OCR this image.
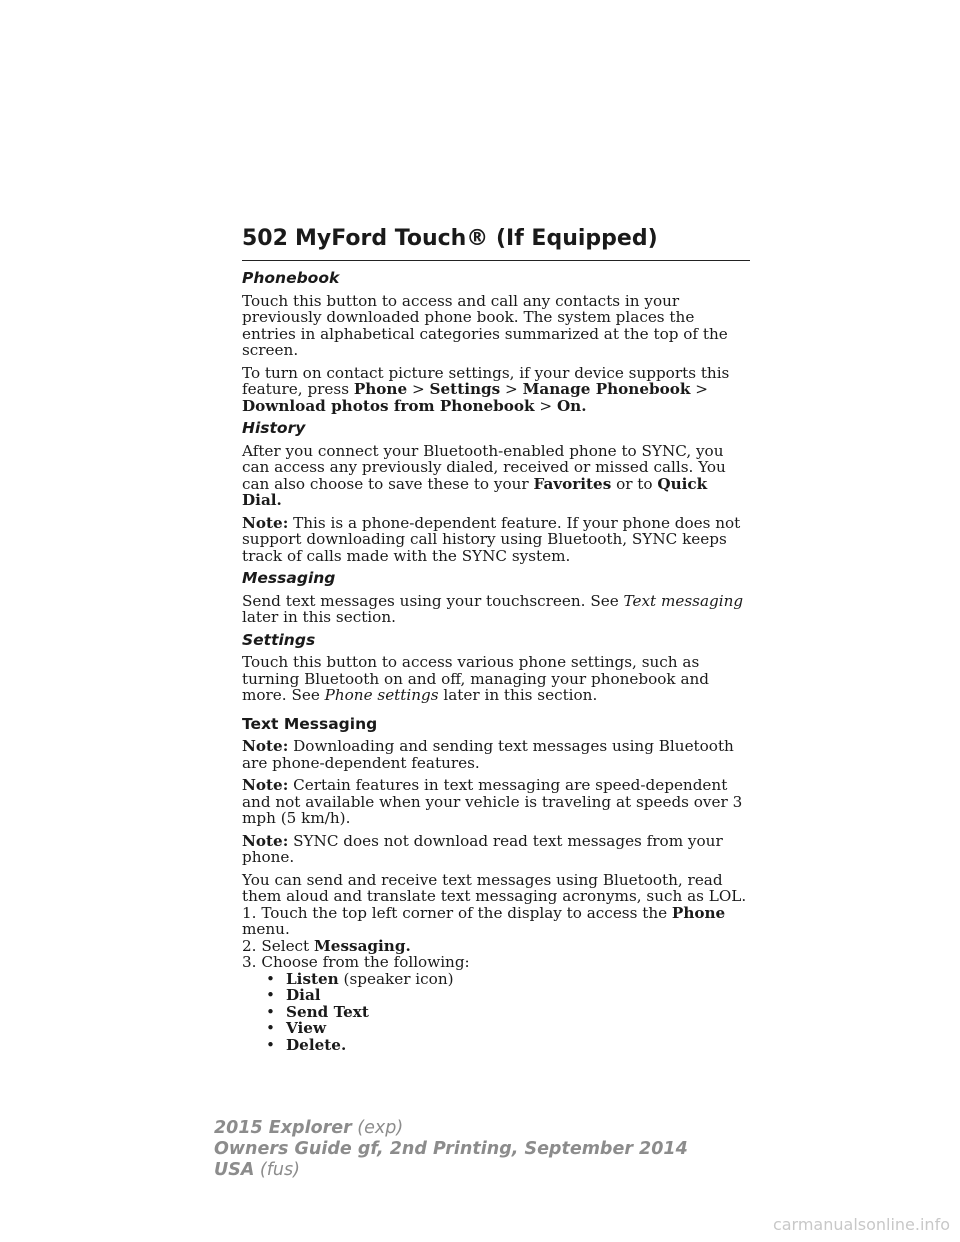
502 MyFord Touch® (If Equipped)
Phonebook

Touch this button to access and call any contacts in your previously downloaded phone book. The system places the entries in alphabetical categories summarized at the top of the screen.

To turn on contact picture settings, if your device supports this feature, press Phone > Settings > Manage Phonebook > Download photos from Phonebook > On.

History

After you connect your Bluetooth-enabled phone to SYNC, you can access any previously dialed, received or missed calls. You can also choose to save these to your Favorites or to Quick Dial.

Note: This is a phone-dependent feature. If your phone does not support downloading call history using Bluetooth, SYNC keeps track of calls made with the SYNC system.

Messaging

Send text messages using your touchscreen. See Text messaging later in this section.

Settings

Touch this button to access various phone settings, such as turning Bluetooth on and off, managing your phonebook and more. See Phone settings later in this section.

Text Messaging

Note: Downloading and sending text messages using Bluetooth are phone-dependent features.

Note: Certain features in text messaging are speed-dependent and not available when your vehicle is traveling at speeds over 3 mph (5 km/h).

Note: SYNC does not download read text messages from your phone.

You can send and receive text messages using Bluetooth, read them aloud and translate text messaging acronyms, such as LOL.

1. Touch the top left corner of the display to access the Phone menu.

2. Select Messaging.

3. Choose from the following:

• Listen (speaker icon)
• Dial
• Send Text
• View
• Delete.
2015 Explorer (exp)
Owners Guide gf, 2nd Printing, September 2014
USA (fus)
carmanualsonline.info
